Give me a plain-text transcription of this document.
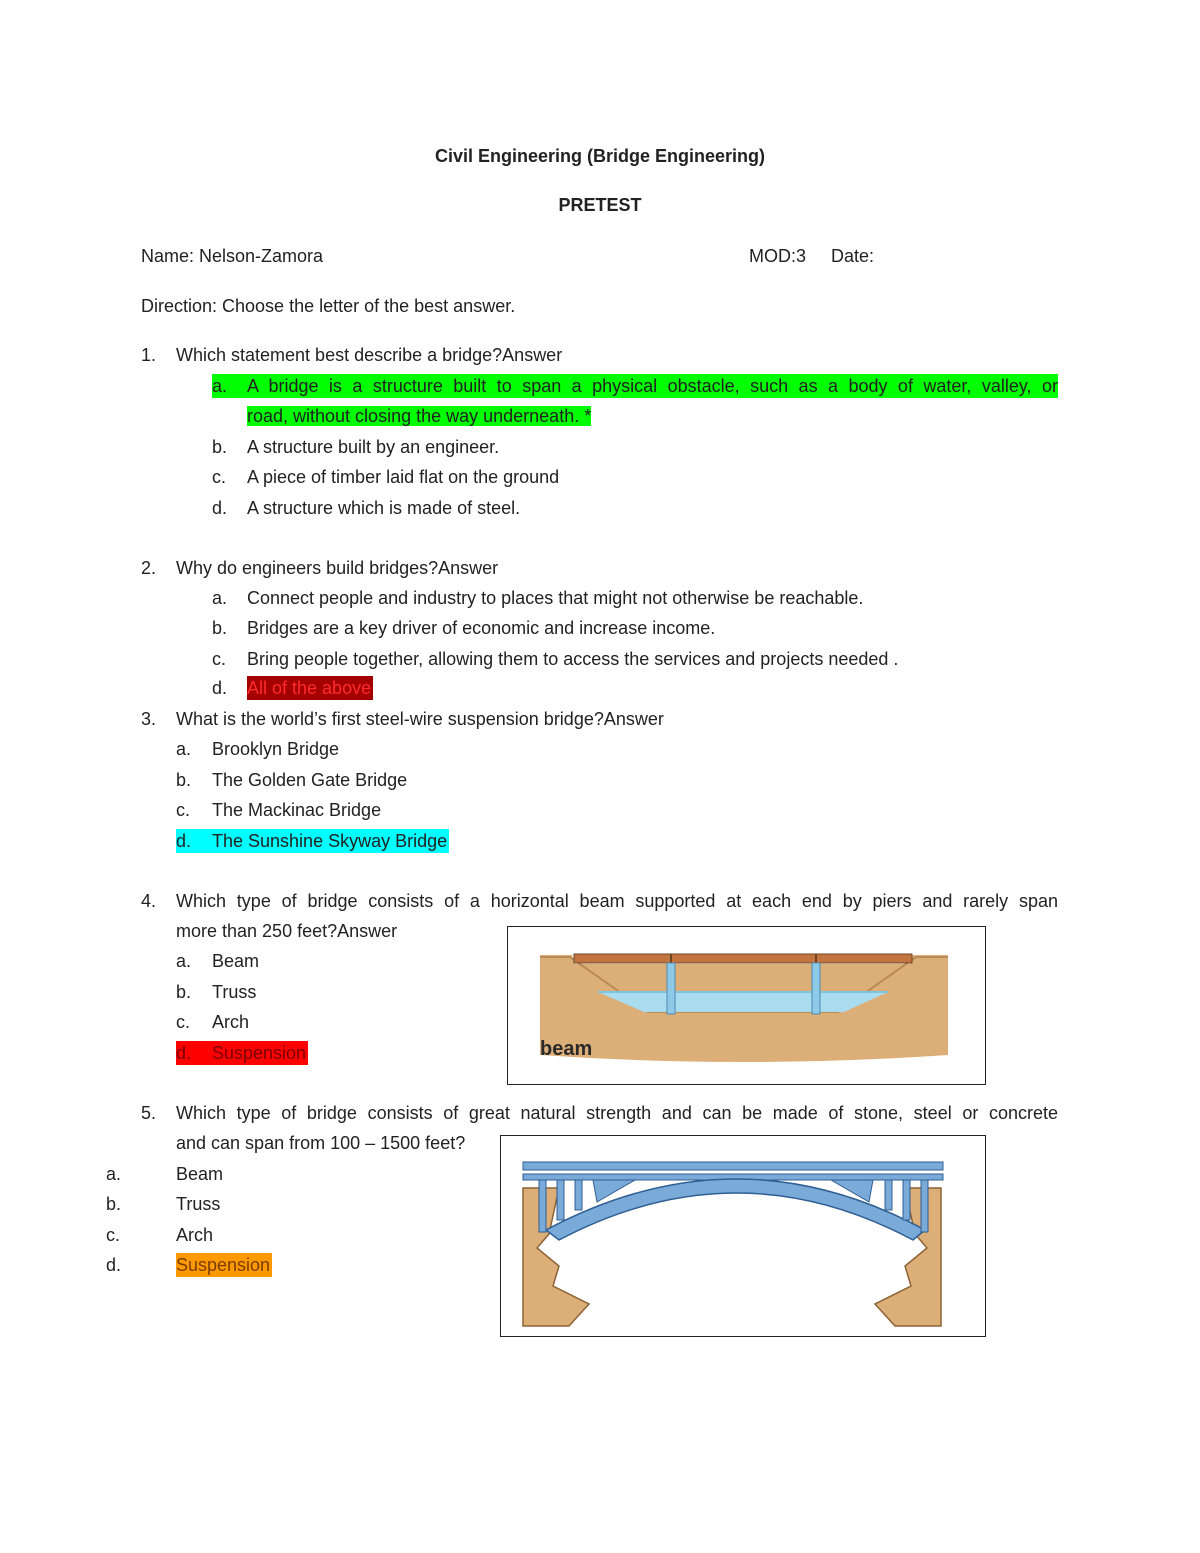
Civil Engineering (Bridge Engineering)
PRETEST
Name: Nelson-Zamora	MOD:3 Date:
Direction: Choose the letter of the best answer.
1. Which statement best describe a bridge?Answer
a.	A bridge is a structure built to span a physical obstacle, such as a body of water, valley, or
road, without closing the way underneath. *
b. A structure built by an engineer.
c. A piece of timber laid flat on the ground
d. A structure which is made of steel.
2. Why do engineers build bridges?Answer
a. Connect people and industry to places that might not otherwise be reachable.
b. Bridges are a key driver of economic and increase income.
c. Bring people together, allowing them to access the services and projects needed .
d. All of the above
3. What is the world’s first steel-wire suspension bridge?Answer
a. Brooklyn Bridge
b. The Golden Gate Bridge
c. The Mackinac Bridge
d.	The Sunshine Skyway Bridge
4. Which type of bridge consists of a horizontal beam supported at each end by piers and rarely span
more than 250 feet?Answer
a. Beam
b. Truss
c. Arch
d.	Suspension	beam
5. Which type of bridge consists of great natural strength and can be made of stone, steel or concrete
and can span from 100 – 1500 feet?
a.	Beam
b.	Truss
c.	Arch
d.	Suspension
